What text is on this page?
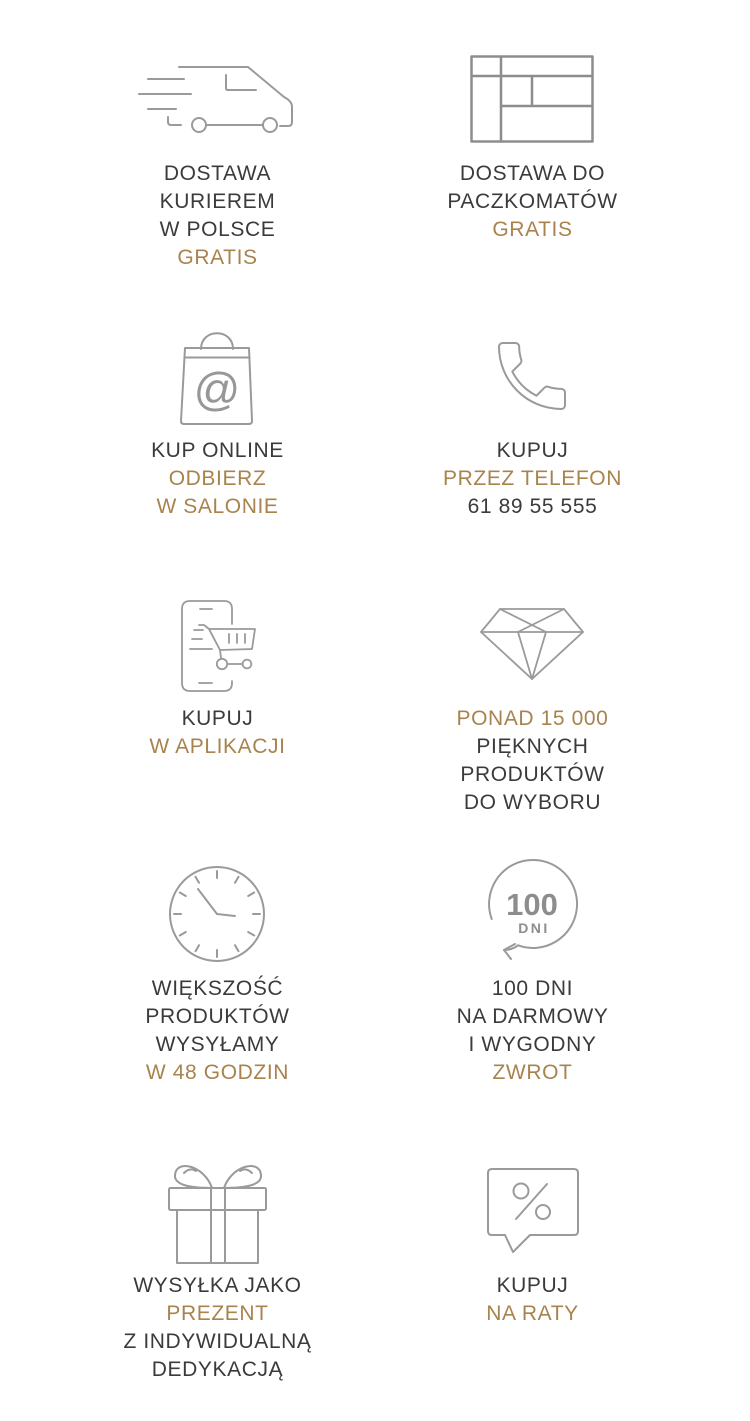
DOSTAWA
KURIEREM
W POLSCE
GRATIS
DOSTAWA DO
PACZKOMATÓW
GRATIS
@
KUP ONLINE
ODBIERZ
W SALONIE
KUPUJ
PRZEZ TELEFON
61 89 55 555
KUPUJ
W APLIKACJI
PONAD 15 000
PIĘKNYCH
PRODUKTÓW
DO WYBORU
WIĘKSZOŚĆ
PRODUKTÓW
WYSYŁAMY
W 48 GODZIN
100
DNI
100 DNI
NA DARMOWY
I WYGODNY
ZWROT
WYSYŁKA JAKO
PREZENT
Z INDYWIDUALNĄ
DEDYKACJĄ
KUPUJ
NA RATY
